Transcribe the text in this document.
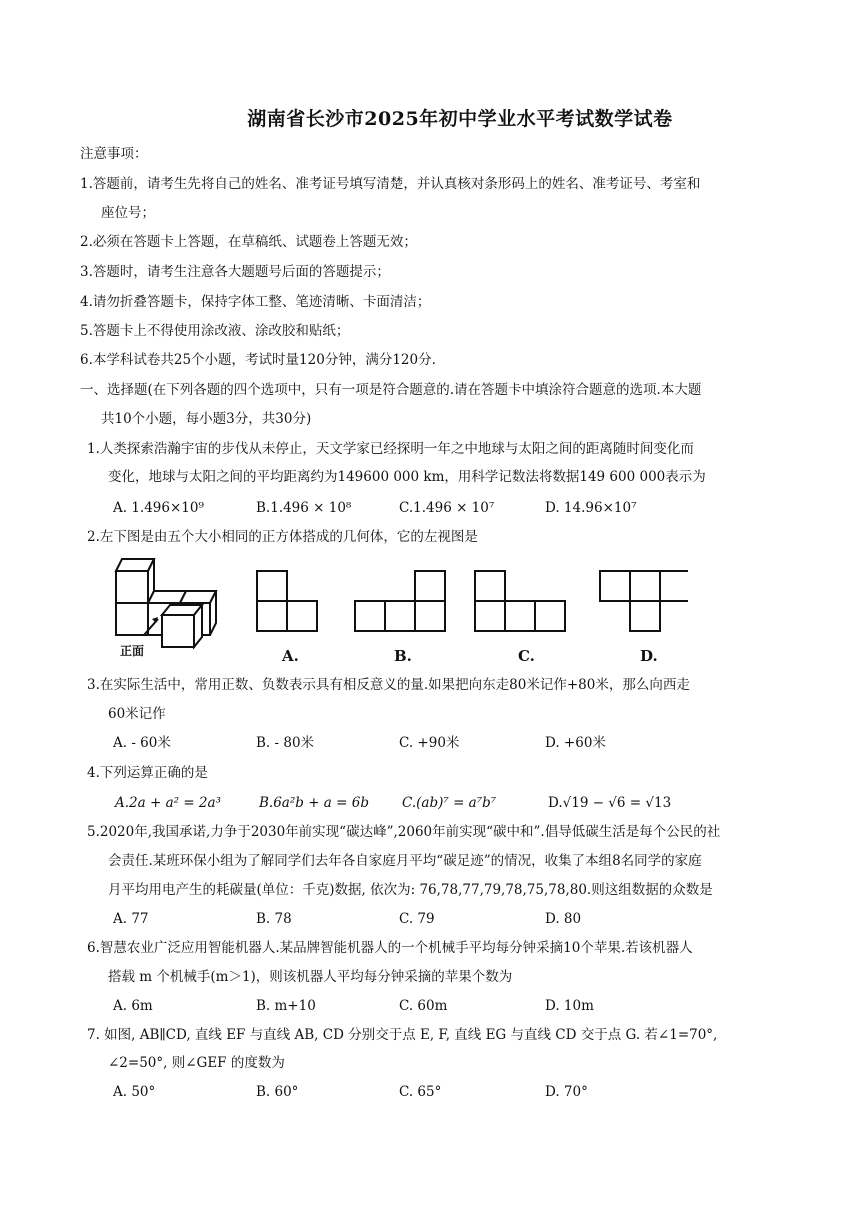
湖南省长沙市2025年初中学业水平考试数学试卷
注意事项：
1.答题前，请考生先将自己的姓名、准考证号填写清楚，并认真核对条形码上的姓名、准考证号、考室和
座位号；
2.必须在答题卡上答题，在草稿纸、试题卷上答题无效；
3.答题时，请考生注意各大题题号后面的答题提示；
4.请勿折叠答题卡，保持字体工整、笔迹清晰、卡面清洁；
5.答题卡上不得使用涂改液、涂改胶和贴纸；
6.本学科试卷共25个小题，考试时量120分钟，满分120分.
一、选择题(在下列各题的四个选项中，只有一项是符合题意的.请在答题卡中填涂符合题意的选项.本大题
共10个小题，每小题3分，共30分)
1.人类探索浩瀚宇宙的步伐从未停止，天文学家已经探明一年之中地球与太阳之间的距离随时间变化而
变化，地球与太阳之间的平均距离约为149600 000 km，用科学记数法将数据149 600 000表示为
A. 1.496×10⁹	B.1.496 × 10⁸	C.1.496 × 10⁷	D. 14.96×10⁷
2.左下图是由五个大小相同的正方体搭成的几何体，它的左视图是
正面	A.	B.	C.	D.
3.在实际生活中，常用正数、负数表示具有相反意义的量.如果把向东走80米记作+80米，那么向西走
60米记作
A. - 60米	B. - 80米	C. +90米	D. +60米
4.下列运算正确的是
A.2a + a² = 2a³	B.6a²b + a = 6b C.(ab)⁷ = a⁷b⁷	D.√19 − √6 = √13
5.2020年,我国承诺,力争于2030年前实现“碳达峰”,2060年前实现“碳中和”.倡导低碳生活是每个公民的社
会责任.某班环保小组为了解同学们去年各自家庭月平均“碳足迹”的情况，收集了本组8名同学的家庭
月平均用电产生的耗碳量(单位：千克)数据, 依次为: 76,78,77,79,78,75,78,80.则这组数据的众数是
A. 77	B. 78	C. 79	D. 80
6.智慧农业广泛应用智能机器人.某品牌智能机器人的一个机械手平均每分钟采摘10个苹果.若该机器人
搭载 m 个机械手(m＞1)，则该机器人平均每分钟采摘的苹果个数为
A. 6m	B. m+10	C. 60m	D. 10m
7. 如图, AB∥CD, 直线 EF 与直线 AB, CD 分别交于点 E, F, 直线 EG 与直线 CD 交于点 G. 若∠1=70°,
∠2=50°, 则∠GEF 的度数为
A. 50°	B. 60°	C. 65°	D. 70°
